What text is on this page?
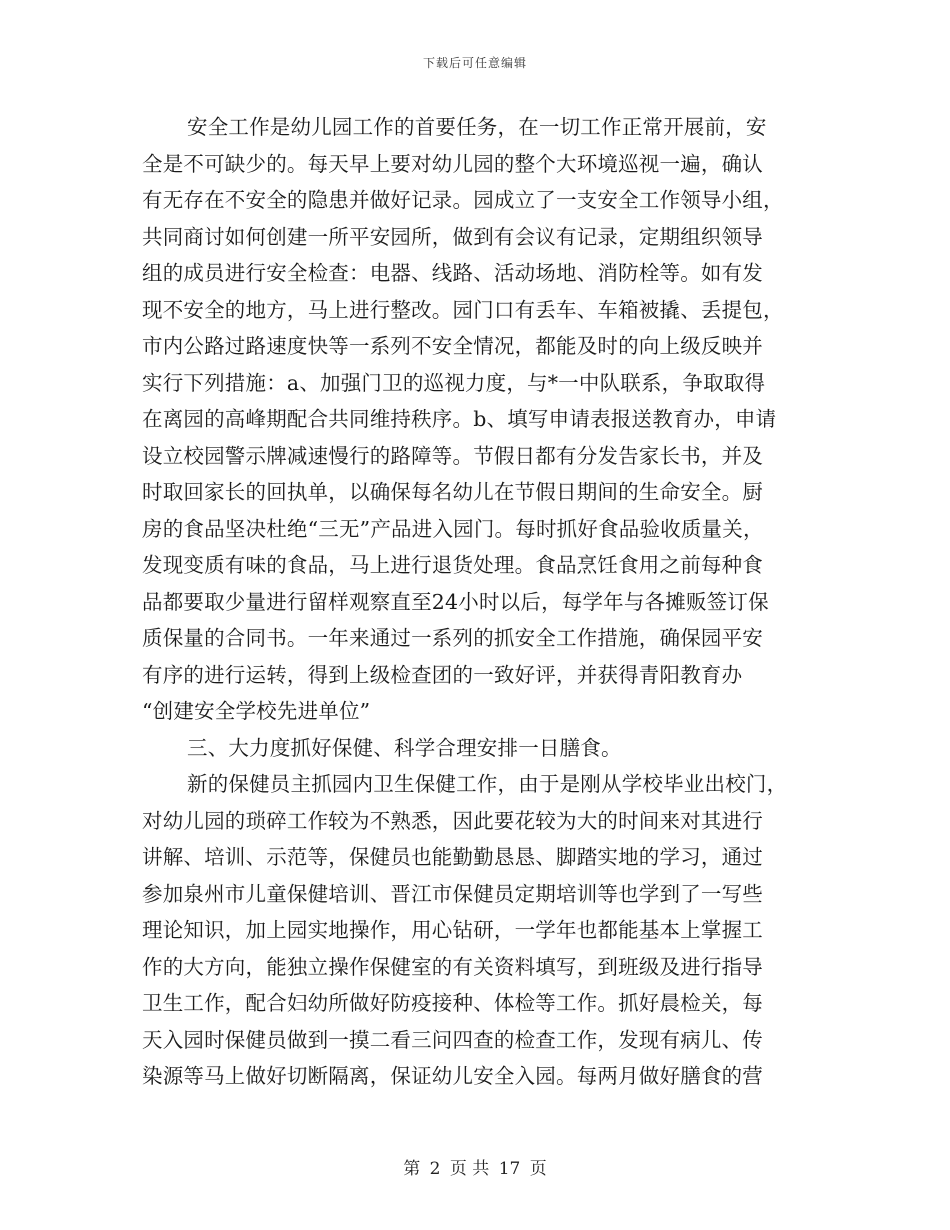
下载后可任意编辑
安全工作是幼儿园工作的首要任务，在一切工作正常开展前，安
全是不可缺少的。每天早上要对幼儿园的整个大环境巡视一遍，确认
有无存在不安全的隐患并做好记录。园成立了一支安全工作领导小组，
共同商讨如何创建一所平安园所，做到有会议有记录，定期组织领导
组的成员进行安全检查：电器、线路、活动场地、消防栓等。如有发
现不安全的地方，马上进行整改。园门口有丢车、车箱被撬、丢提包，
市内公路过路速度快等一系列不安全情况，都能及时的向上级反映并
实行下列措施：a、加强门卫的巡视力度，与*一中队联系，争取取得
在离园的高峰期配合共同维持秩序。b、填写申请表报送教育办，申请
设立校园警示牌减速慢行的路障等。节假日都有分发告家长书，并及
时取回家长的回执单，以确保每名幼儿在节假日期间的生命安全。厨
房的食品坚决杜绝“三无”产品进入园门。每时抓好食品验收质量关，
发现变质有味的食品，马上进行退货处理。食品烹饪食用之前每种食
品都要取少量进行留样观察直至24小时以后，每学年与各摊贩签订保
质保量的合同书。一年来通过一系列的抓安全工作措施，确保园平安
有序的进行运转，得到上级检查团的一致好评，并获得青阳教育办
“创建安全学校先进单位”
三、大力度抓好保健、科学合理安排一日膳食。
新的保健员主抓园内卫生保健工作，由于是刚从学校毕业出校门，
对幼儿园的琐碎工作较为不熟悉，因此要花较为大的时间来对其进行
讲解、培训、示范等，保健员也能勤勤恳恳、脚踏实地的学习，通过
参加泉州市儿童保健培训、晋江市保健员定期培训等也学到了一写些
理论知识，加上园实地操作，用心钻研，一学年也都能基本上掌握工
作的大方向，能独立操作保健室的有关资料填写，到班级及进行指导
卫生工作，配合妇幼所做好防疫接种、体检等工作。抓好晨检关，每
天入园时保健员做到一摸二看三问四查的检查工作，发现有病儿、传
染源等马上做好切断隔离，保证幼儿安全入园。每两月做好膳食的营
第 2 页 共 17 页
